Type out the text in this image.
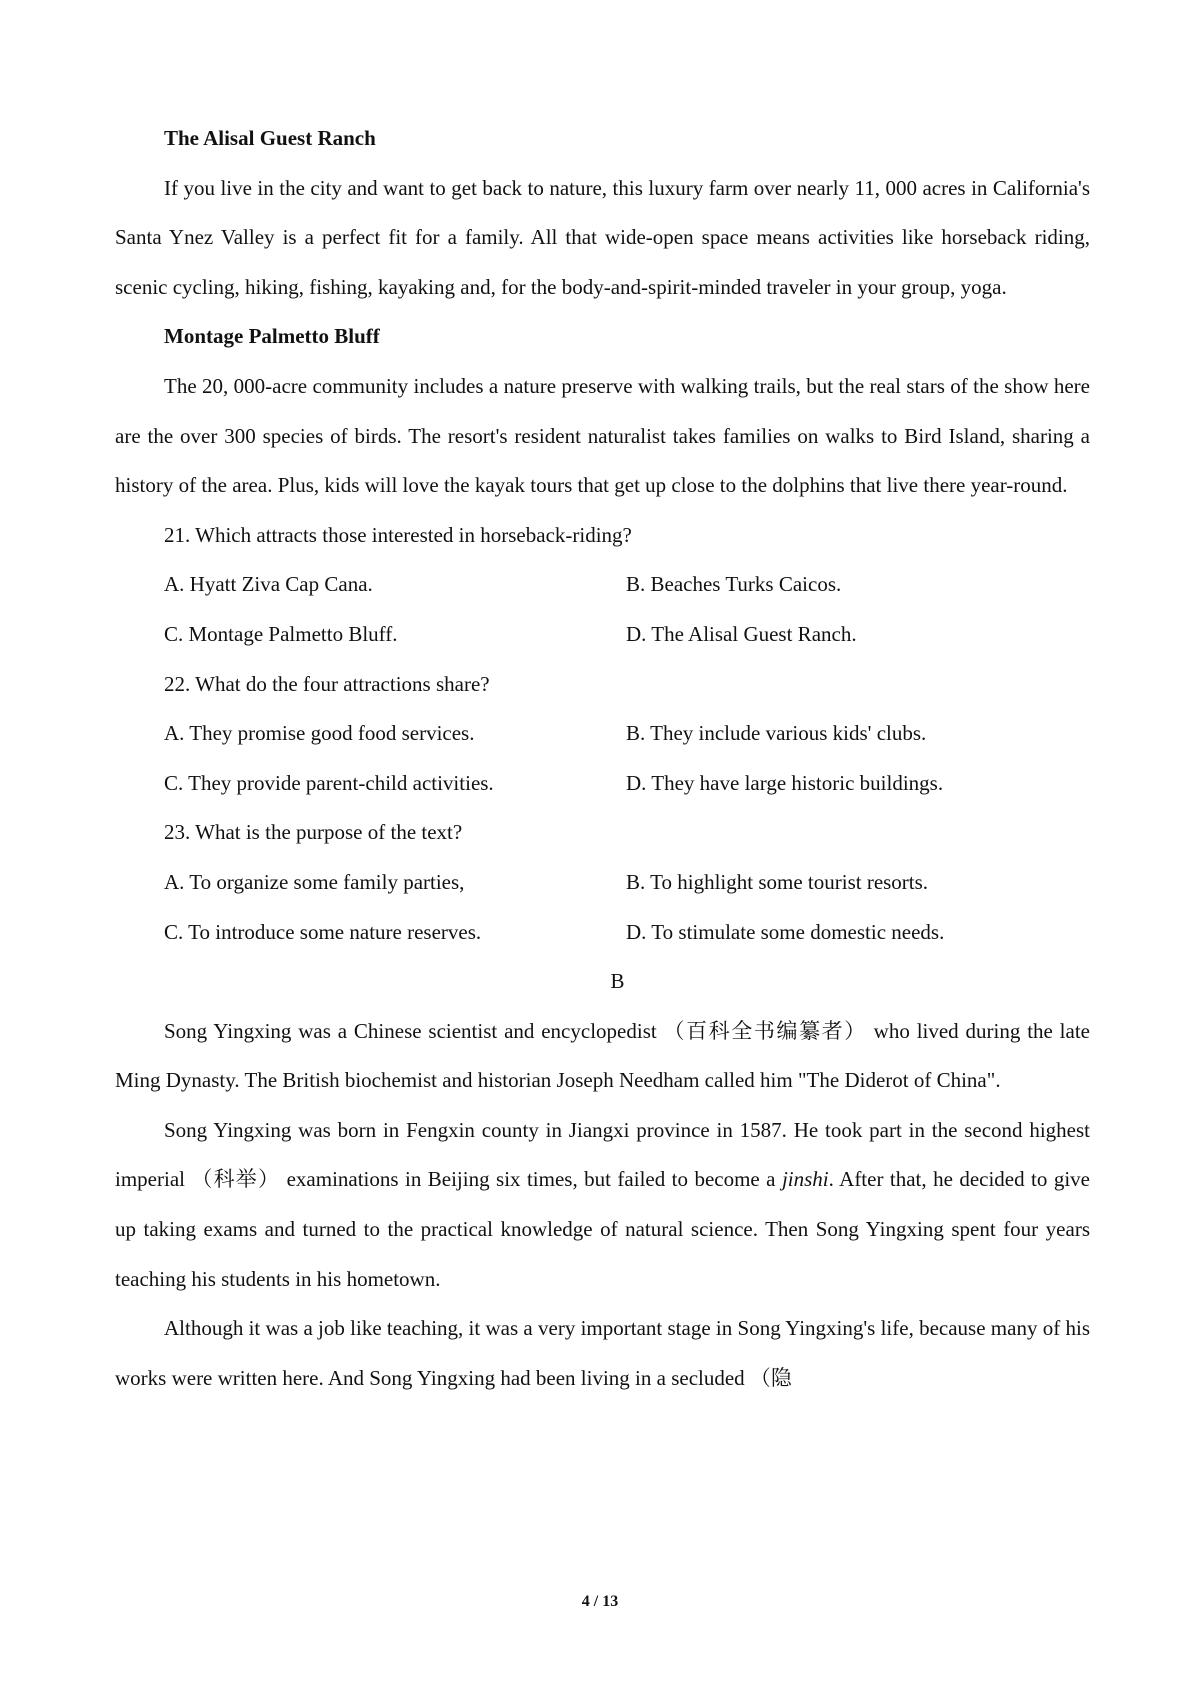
The Alisal Guest Ranch

If you live in the city and want to get back to nature, this luxury farm over nearly 11, 000 acres in California's Santa Ynez Valley is a perfect fit for a family. All that wide-open space means activities like horseback riding, scenic cycling, hiking, fishing, kayaking and, for the body-and-spirit-minded traveler in your group, yoga.

Montage Palmetto Bluff

The 20, 000-acre community includes a nature preserve with walking trails, but the real stars of the show here are the over 300 species of birds. The resort's resident naturalist takes families on walks to Bird Island, sharing a history of the area. Plus, kids will love the kayak tours that get up close to the dolphins that live there year-round.

21. Which attracts those interested in horseback-riding?
A. Hyatt Ziva Cap Cana.	B. Beaches Turks Caicos.
C. Montage Palmetto Bluff.	D. The Alisal Guest Ranch.
22. What do the four attractions share?
A. They promise good food services.	B. They include various kids' clubs.
C. They provide parent-child activities.	D. They have large historic buildings.
23. What is the purpose of the text?
A. To organize some family parties,	B. To highlight some tourist resorts.
C. To introduce some nature reserves.	D. To stimulate some domestic needs.
B

Song Yingxing was a Chinese scientist and encyclopedist （百科全书编纂者） who lived during the late Ming Dynasty. The British biochemist and historian Joseph Needham called him "The Diderot of China".

Song Yingxing was born in Fengxin county in Jiangxi province in 1587. He took part in the second highest imperial （科举） examinations in Beijing six times, but failed to become a jinshi. After that, he decided to give up taking exams and turned to the practical knowledge of natural science. Then Song Yingxing spent four years teaching his students in his hometown.

Although it was a job like teaching, it was a very important stage in Song Yingxing's life, because many of his works were written here. And Song Yingxing had been living in a secluded （隐

4 / 13
